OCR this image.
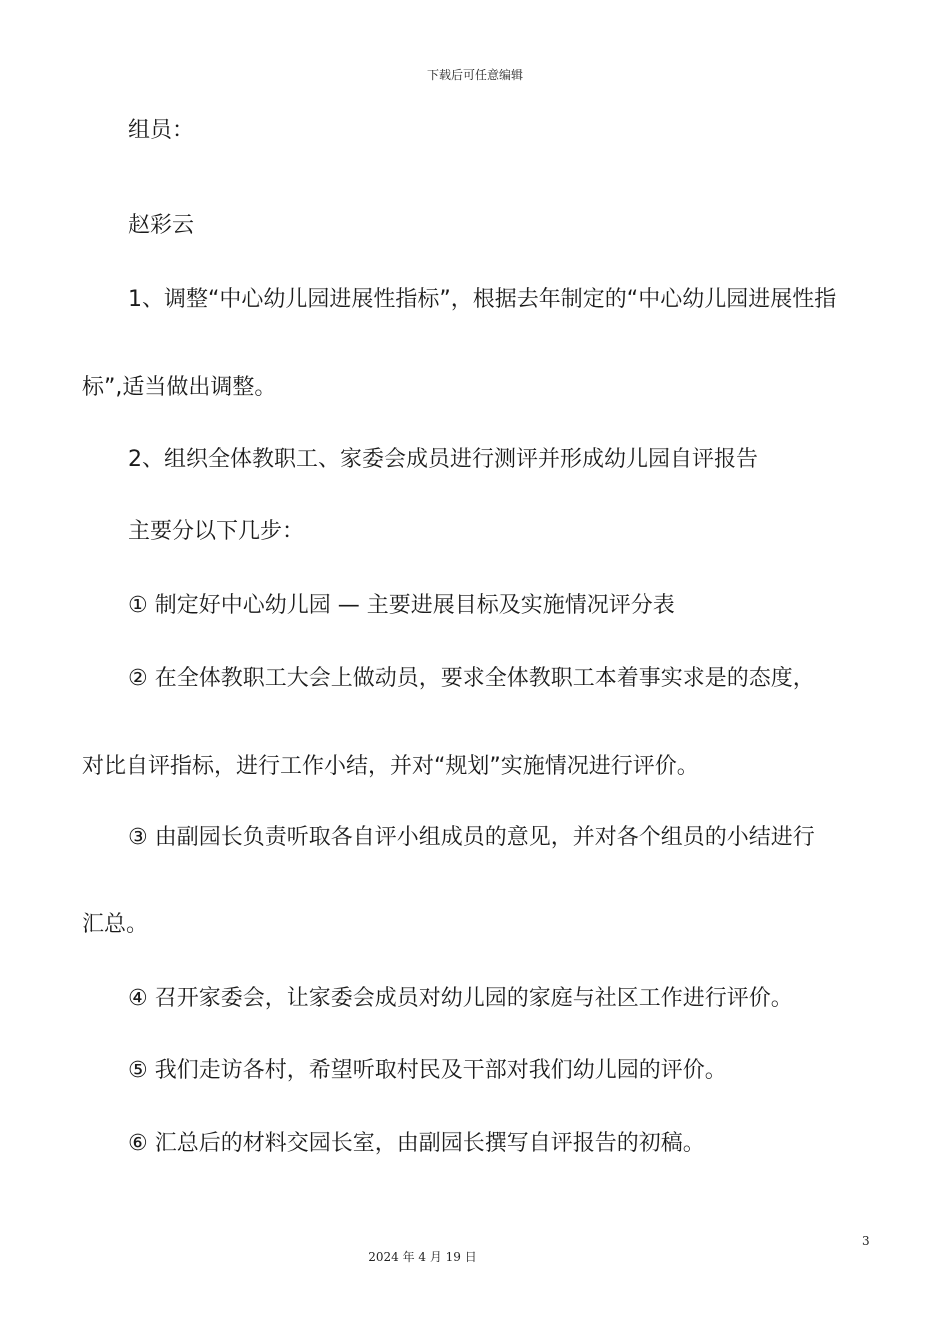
下载后可任意编辑
组员：
赵彩云
1、调整“中心幼儿园进展性指标”，根据去年制定的“中心幼儿园进展性指
标”,适当做出调整。
2、组织全体教职工、家委会成员进行测评并形成幼儿园自评报告
主要分以下几步：
① 制定好中心幼儿园 — 主要进展目标及实施情况评分表
② 在全体教职工大会上做动员，要求全体教职工本着事实求是的态度，
对比自评指标，进行工作小结，并对“规划”实施情况进行评价。
③ 由副园长负责听取各自评小组成员的意见，并对各个组员的小结进行
汇总。
④ 召开家委会，让家委会成员对幼儿园的家庭与社区工作进行评价。
⑤ 我们走访各村，希望听取村民及干部对我们幼儿园的评价。
⑥ 汇总后的材料交园长室，由副园长撰写自评报告的初稿。
3
2024 年 4 月 19 日
